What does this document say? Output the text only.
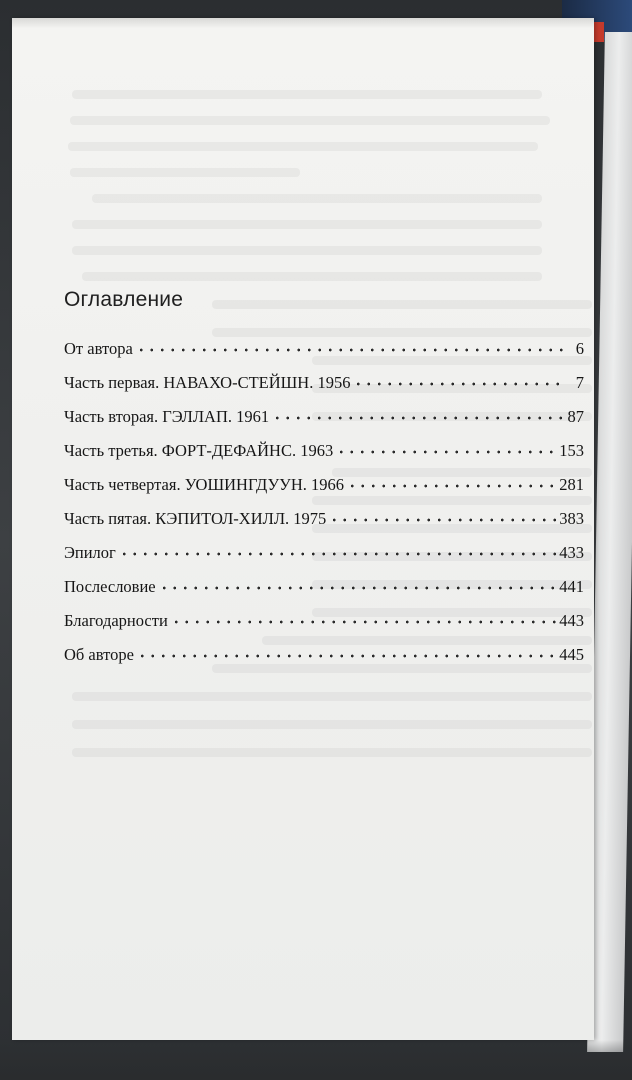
Оглавление
От автора	6
Часть первая. НАВАХО-СТЕЙШН. 1956	7
Часть вторая. ГЭЛЛАП. 1961	87
Часть третья. ФОРТ-ДЕФАЙНС. 1963	153
Часть четвертая. УОШИНГДУУН. 1966	281
Часть пятая. КЭПИТОЛ-ХИЛЛ. 1975	383
Эпилог	433
Послесловие	441
Благодарности	443
Об авторе	445
